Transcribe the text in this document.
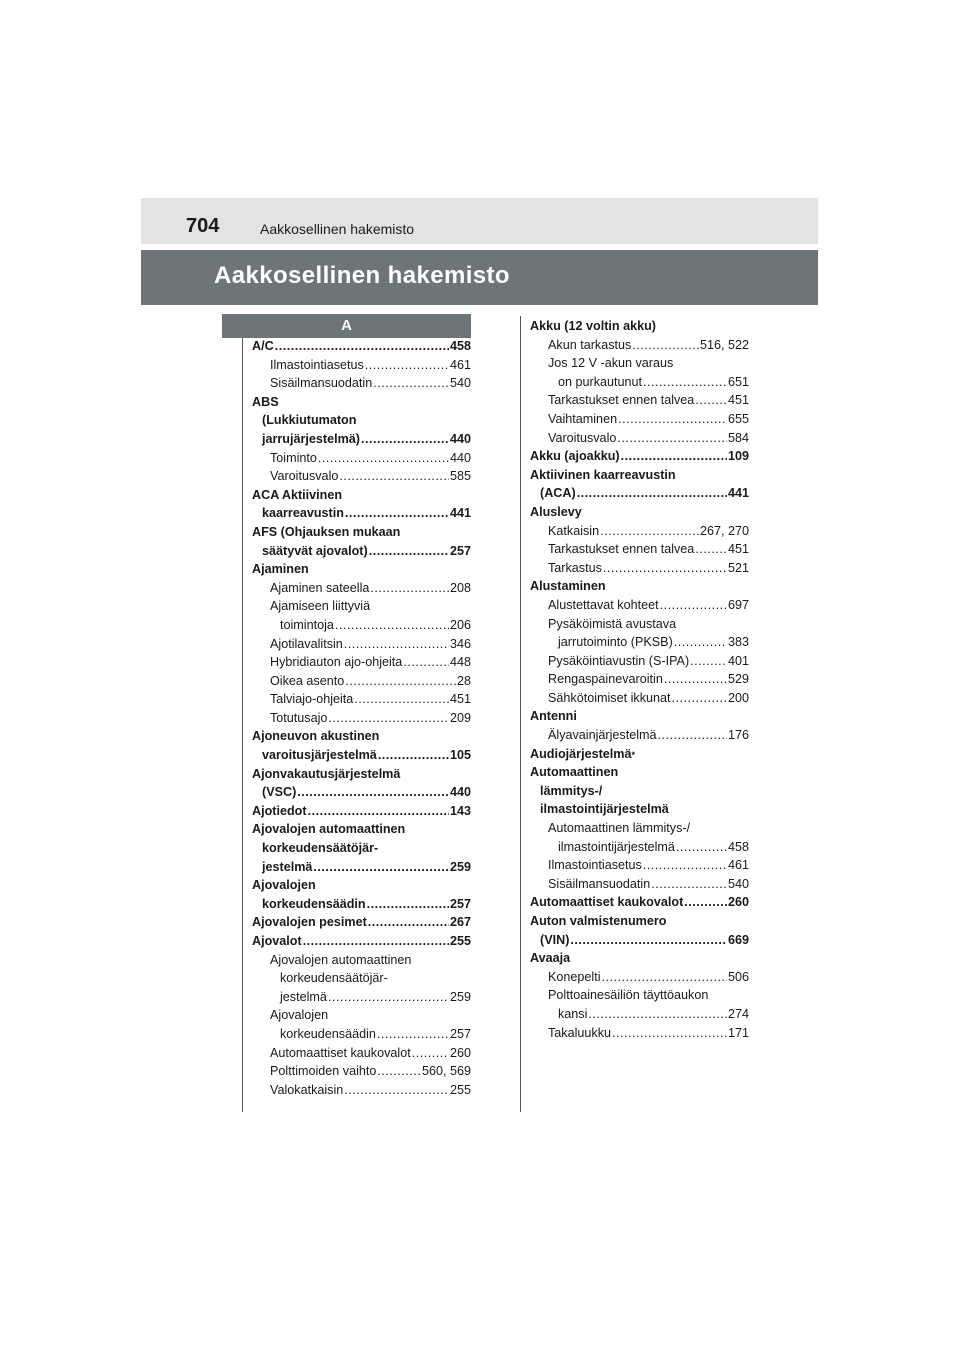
704	Aakkosellinen hakemisto
Aakkosellinen hakemisto
A
A/C .....	458
Ilmastointiasetus .....	461
Sisäilmansuodatin .....	540
ABS
(Lukkiutumaton
jarrujärjestelmä) .....	440
Toiminto .....	440
Varoitusvalo .....	585
ACA Aktiivinen
kaarreavustin .....	441
AFS (Ohjauksen mukaan
säätyvät ajovalot) .....	257
Ajaminen
Ajaminen sateella .....	208
Ajamiseen liittyviä
toimintoja .....	206
Ajotilavalitsin .....	346
Hybridiauton ajo-ohjeita .....	448
Oikea asento .....	28
Talviajo-ohjeita .....	451
Totutusajo .....	209
Ajoneuvon akustinen
varoitusjärjestelmä .....	105
Ajonvakautusjärjestelmä
(VSC) .....	440
Ajotiedot .....	143
Ajovalojen automaattinen
korkeudensäätöjär-
jestelmä .....	259
Ajovalojen
korkeudensäädin .....	257
Ajovalojen pesimet .....	267
Ajovalot .....	255
Ajovalojen automaattinen
korkeudensäätöjär-
jestelmä .....	259
Ajovalojen
korkeudensäädin .....	257
Automaattiset kaukovalot .....	260
Polttimoiden vaihto .....	560, 569
Valokatkaisin .....	255
Akku (12 voltin akku)
Akun tarkastus .....	516, 522
Jos 12 V -akun varaus
on purkautunut .....	651
Tarkastukset ennen talvea .....	451
Vaihtaminen .....	655
Varoitusvalo .....	584
Akku (ajoakku) .....	109
Aktiivinen kaarreavustin
(ACA) .....	441
Aluslevy
Katkaisin .....	267, 270
Tarkastukset ennen talvea .....	451
Tarkastus .....	521
Alustaminen
Alustettavat kohteet .....	697
Pysäköimistä avustava
jarrutoiminto (PKSB) .....	383
Pysäköintiavustin (S-IPA) .....	401
Rengaspainevaroitin .....	529
Sähkötoimiset ikkunat .....	200
Antenni
Älyavainjärjestelmä .....	176
Audiojärjestelmä *
Automaattinen
lämmitys-/
ilmastointijärjestelmä
Automaattinen lämmitys-/
ilmastointijärjestelmä .....	458
Ilmastointiasetus .....	461
Sisäilmansuodatin .....	540
Automaattiset kaukovalot .....	260
Auton valmistenumero
(VIN) .....	669
Avaaja
Konepelti .....	506
Polttoainesäiliön täyttöaukon
kansi .....	274
Takaluukku .....	171
